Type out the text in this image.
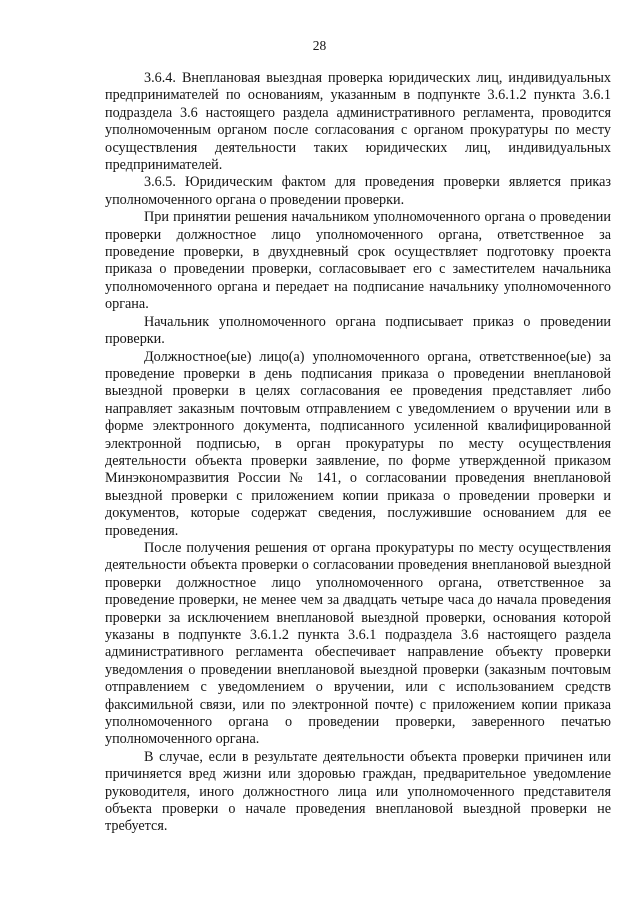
28

3.6.4. Внеплановая выездная проверка юридических лиц, индивидуальных предпринимателей по основаниям, указанным в подпункте 3.6.1.2 пункта 3.6.1 подраздела 3.6 настоящего раздела административного регламента, проводится уполномоченным органом после согласования с органом прокуратуры по месту осуществления деятельности таких юридических лиц, индивидуальных предпринимателей.

3.6.5. Юридическим фактом для проведения проверки является приказ уполномоченного органа о проведении проверки.

При принятии решения начальником уполномоченного органа о проведении проверки должностное лицо уполномоченного органа, ответственное за проведение проверки, в двухдневный срок осуществляет подготовку проекта приказа о проведении проверки, согласовывает его с заместителем начальника уполномоченного органа и передает на подписание начальнику уполномоченного органа.

Начальник уполномоченного органа подписывает приказ о проведении проверки.

Должностное(ые) лицо(а) уполномоченного органа, ответственное(ые) за проведение проверки в день подписания приказа о проведении внеплановой выездной проверки в целях согласования ее проведения представляет либо направляет заказным почтовым отправлением с уведомлением о вручении или в форме электронного документа, подписанного усиленной квалифицированной электронной подписью, в орган прокуратуры по месту осуществления деятельности объекта проверки заявление, по форме утвержденной приказом Минэкономразвития России № 141, о согласовании проведения внеплановой выездной проверки с приложением копии приказа о проведении проверки и документов, которые содержат сведения, послужившие основанием для ее проведения.

После получения решения от органа прокуратуры по месту осуществления деятельности объекта проверки о согласовании проведения внеплановой выездной проверки должностное лицо уполномоченного органа, ответственное за проведение проверки, не менее чем за двадцать четыре часа до начала проведения проверки за исключением внеплановой выездной проверки, основания которой указаны в подпункте 3.6.1.2 пункта 3.6.1 подраздела 3.6 настоящего раздела административного регламента обеспечивает направление объекту проверки уведомления о проведении внеплановой выездной проверки (заказным почтовым отправлением с уведомлением о вручении, или с использованием средств факсимильной связи, или по электронной почте) с приложением копии приказа уполномоченного органа о проведении проверки, заверенного печатью уполномоченного органа.

В случае, если в результате деятельности объекта проверки причинен или причиняется вред жизни или здоровью граждан, предварительное уведомление руководителя, иного должностного лица или уполномоченного представителя объекта проверки о начале проведения внеплановой выездной проверки не требуется.
